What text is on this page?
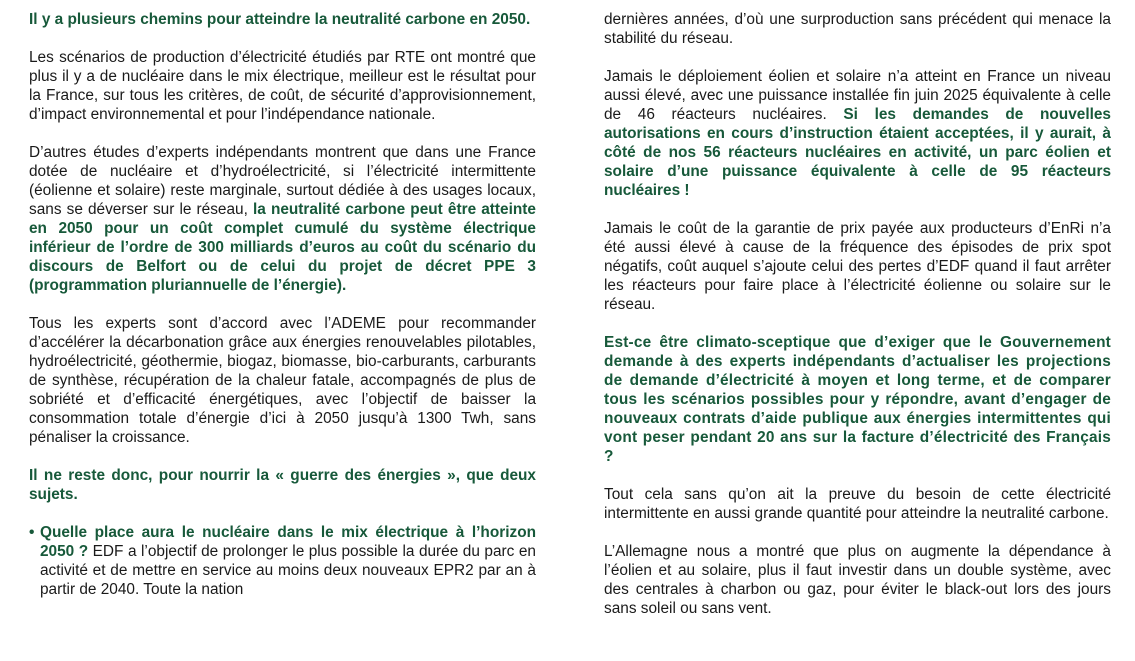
Il y a plusieurs chemins pour atteindre la neutralité carbone en 2050.

Les scénarios de production d’électricité étudiés par RTE ont montré que plus il y a de nucléaire dans le mix électrique, meilleur est le résultat pour la France, sur tous les critères, de coût, de sécurité d’approvisionnement, d’impact environnemental et pour l’indépendance nationale.

D’autres études d’experts indépendants montrent que dans une France dotée de nucléaire et d’hydroélectricité, si l’électricité intermittente (éolienne et solaire) reste marginale, surtout dédiée à des usages locaux, sans se déverser sur le réseau, la neutralité carbone peut être atteinte en 2050 pour un coût complet cumulé du système électrique inférieur de l’ordre de 300 milliards d’euros au coût du scénario du discours de Belfort ou de celui du projet de décret PPE 3 (programmation pluriannuelle de l’énergie).

Tous les experts sont d’accord avec l’ADEME pour recommander d’accélérer la décarbonation grâce aux énergies renouvelables pilotables, hydroélectricité, géothermie, biogaz, biomasse, bio-carburants, carburants de synthèse, récupération de la chaleur fatale, accompagnés de plus de sobriété et d’efficacité énergétiques, avec l’objectif de baisser la consommation totale d’énergie d’ici à 2050 jusqu’à 1300 Twh, sans pénaliser la croissance.

Il ne reste donc, pour nourrir la « guerre des énergies », que deux sujets.
• Quelle place aura le nucléaire dans le mix électrique à l’horizon 2050 ? EDF a l’objectif de prolonger le plus possible la durée du parc en activité et de mettre en service au moins deux nouveaux EPR2 par an à partir de 2040. Toute la nation

dernières années, d’où une surproduction sans précédent qui menace la stabilité du réseau.

Jamais le déploiement éolien et solaire n’a atteint en France un niveau aussi élevé, avec une puissance installée fin juin 2025 équivalente à celle de 46 réacteurs nucléaires. Si les demandes de nouvelles autorisations en cours d’instruction étaient acceptées, il y aurait, à côté de nos 56 réacteurs nucléaires en activité, un parc éolien et solaire d’une puissance équivalente à celle de 95 réacteurs nucléaires !

Jamais le coût de la garantie de prix payée aux producteurs d’EnRi n’a été aussi élevé à cause de la fréquence des épisodes de prix spot négatifs, coût auquel s’ajoute celui des pertes d’EDF quand il faut arrêter les réacteurs pour faire place à l’électricité éolienne ou solaire sur le réseau.

Est-ce être climato-sceptique que d’exiger que le Gouvernement demande à des experts indépendants d’actualiser les projections de demande d’électricité à moyen et long terme, et de comparer tous les scénarios possibles pour y répondre, avant d’engager de nouveaux contrats d’aide publique aux énergies intermittentes qui vont peser pendant 20 ans sur la facture d’électricité des Français ?

Tout cela sans qu’on ait la preuve du besoin de cette électricité intermittente en aussi grande quantité pour atteindre la neutralité carbone.

L’Allemagne nous a montré que plus on augmente la dépendance à l’éolien et au solaire, plus il faut investir dans un double système, avec des centrales à charbon ou gaz, pour éviter le black-out lors des jours sans soleil ou sans vent.
